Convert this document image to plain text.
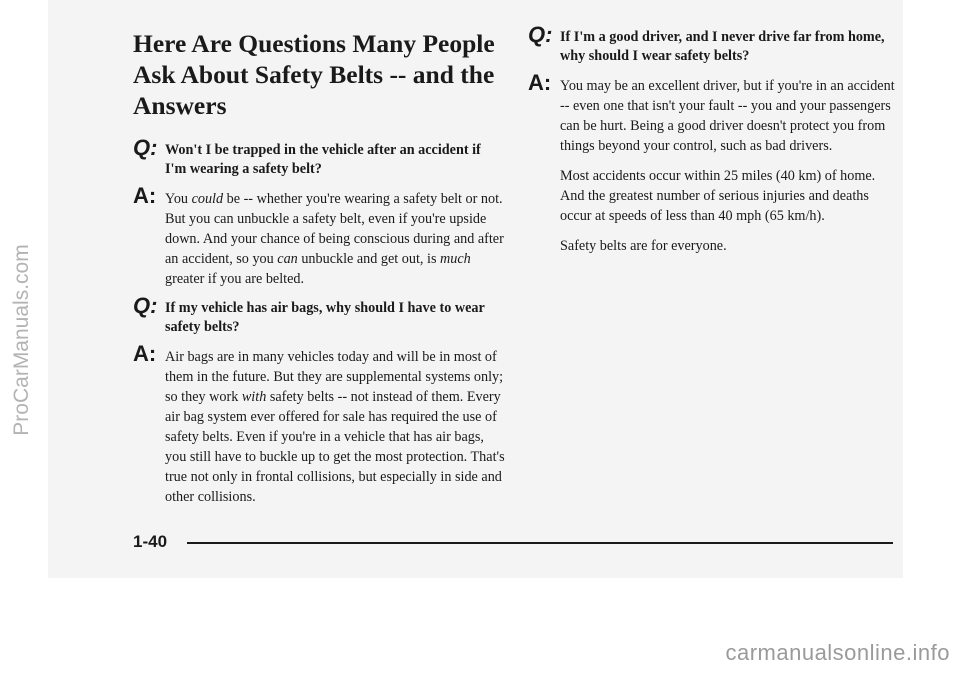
Here Are Questions Many People Ask About Safety Belts -- and the Answers
Q: Won't I be trapped in the vehicle after an accident if I'm wearing a safety belt?
A: You could be -- whether you're wearing a safety belt or not. But you can unbuckle a safety belt, even if you're upside down. And your chance of being conscious during and after an accident, so you can unbuckle and get out, is much greater if you are belted.

Q: If my vehicle has air bags, why should I have to wear safety belts?
A: Air bags are in many vehicles today and will be in most of them in the future. But they are supplemental systems only; so they work with safety belts -- not instead of them. Every air bag system ever offered for sale has required the use of safety belts. Even if you're in a vehicle that has air bags, you still have to buckle up to get the most protection. That's true not only in frontal collisions, but especially in side and other collisions.

Q: If I'm a good driver, and I never drive far from home, why should I wear safety belts?
A: You may be an excellent driver, but if you're in an accident -- even one that isn't your fault -- you and your passengers can be hurt. Being a good driver doesn't protect you from things beyond your control, such as bad drivers.

Most accidents occur within 25 miles (40 km) of home. And the greatest number of serious injuries and deaths occur at speeds of less than 40 mph (65 km/h).

Safety belts are for everyone.

1-40
ProCarManuals.com
carmanualsonline.info
